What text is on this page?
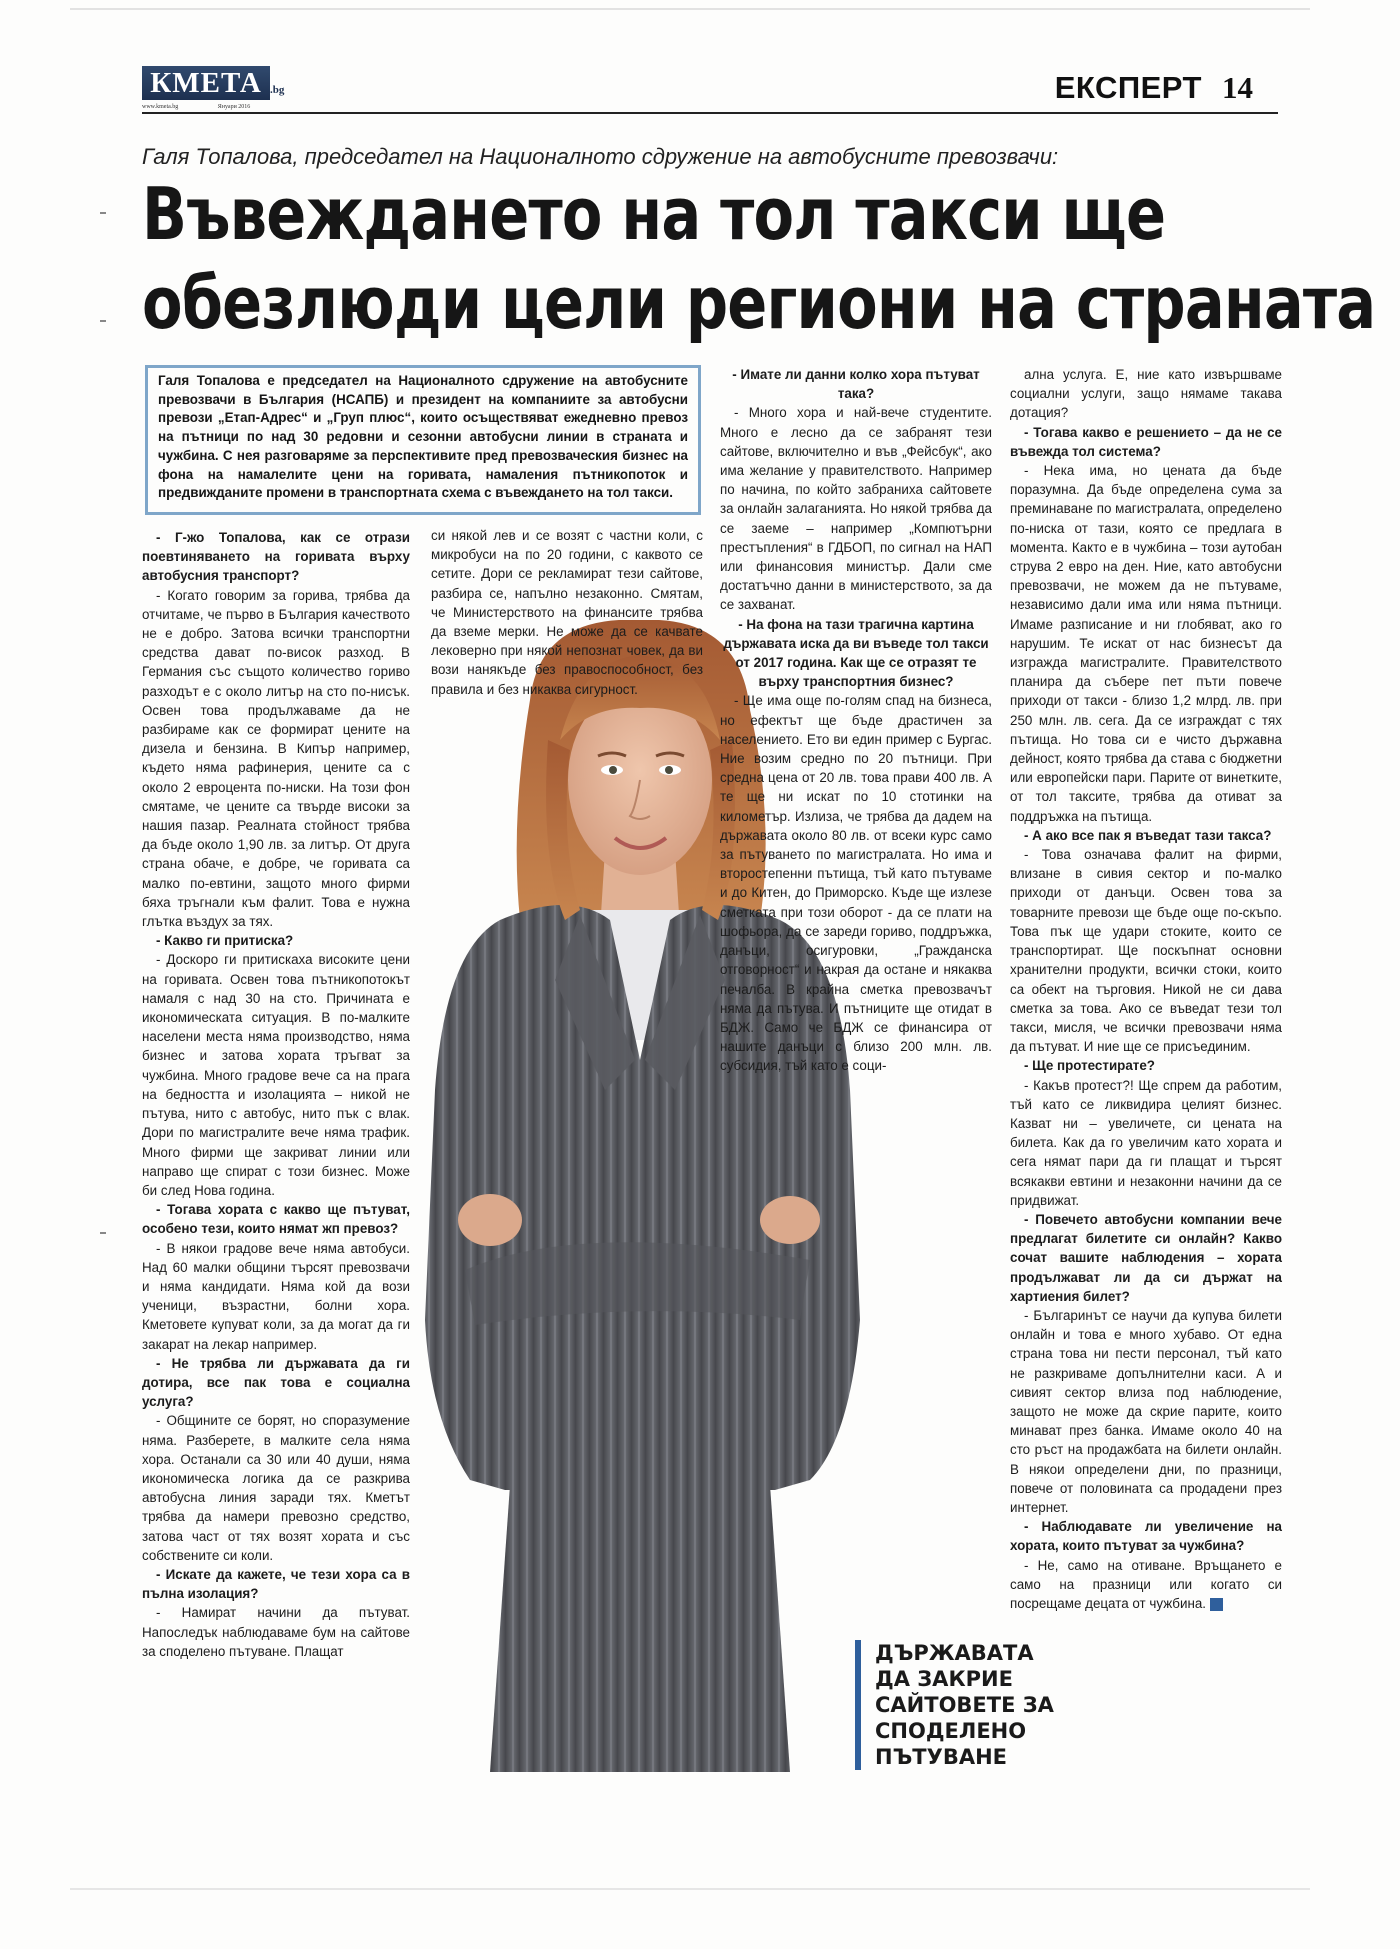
КМЕТА .bg
www.kmeta.bg	Януари 2016
ЕКСПЕРТ 14
Галя Топалова, председател на Националното сдружение на автобусните превозвачи:
Въвеждането на тол такси ще
обезлюди цели региони на страната
Галя Топалова е председател на Националното сдружение на автобусните превозвачи в България (НСАПБ) и президент на компаниите за автобусни превози „Етап-Адрес“ и „Груп плюс“, които осъществяват ежедневно превоз на пътници по над 30 редовни и сезонни автобусни линии в страната и чужбина. С нея разговаряме за перспективите пред превозваческия бизнес на фона на намалелите цени на горивата, намаления пътникопоток и предвижданите промени в транспортната схема с въвеждането на тол такси.

- Г-жо Топалова, как се отрази поевтиняването на горивата върху автобусния транспорт?

- Когато говорим за горива, трябва да отчитаме, че първо в България качеството не е добро. Затова всички транспортни средства дават по-висок разход. В Германия със същото количество гориво разходът е с около литър на сто по-нисък. Освен това продължаваме да не разбираме как се формират цените на дизела и бензина. В Кипър например, където няма рафинерия, цените са с около 2 евроцента по-ниски. На този фон смятаме, че цените са твърде високи за нашия пазар. Реалната стойност трябва да бъде около 1,90 лв. за литър. От друга страна обаче, е добре, че горивата са малко по-евтини, защото много фирми бяха тръгнали към фалит. Това е нужна глътка въздух за тях.

- Какво ги притиска?

- Доскоро ги притискаха високите цени на горивата. Освен това пътникопотокът намаля с над 30 на сто. Причината е икономическата ситуация. В по-малките населени места няма производство, няма бизнес и затова хората тръгват за чужбина. Много градове вече са на прага на бедността и изолацията – никой не пътува, нито с автобус, нито пък с влак. Дори по магистралите вече няма трафик. Много фирми ще закриват линии или направо ще спират с този бизнес. Може би след Нова година.

- Тогава хората с какво ще пътуват, особено тези, които нямат жп превоз?

- В някои градове вече няма автобуси. Над 60 малки общини търсят превозвачи и няма кандидати. Няма кой да вози ученици, възрастни, болни хора. Кметовете купуват коли, за да могат да ги закарат на лекар например.

- Не трябва ли държавата да ги дотира, все пак това е социална услуга?

- Общините се борят, но споразумение няма. Разберете, в малките села няма хора. Останали са 30 или 40 души, няма икономическа логика да се разкрива автобусна линия заради тях. Кметът трябва да намери превозно средство, затова част от тях возят хората и със собствените си коли.

- Искате да кажете, че тези хора са в пълна изолация?

- Намират начини да пътуват. Напоследък наблюдаваме бум на сайтове за споделено пътуване. Плащат

си някой лев и се возят с частни коли, с микробуси на по 20 години, с каквото се сетите. Дори се рекламират тези сайтове, разбира се, напълно незаконно. Смятам, че Министерството на финансите трябва да вземе мерки. Не може да се качвате лековерно при някой непознат човек, да ви вози нанякъде без правоспособност, без правила и без никаква сигурност.

- Имате ли данни колко хора пътуват така?

- Много хора и най-вече студентите. Много е лесно да се забранят тези сайтове, включително и във „Фейсбук“, ако има желание у правителството. Например по начина, по който забраниха сайтовете за онлайн залаганията. Но някой трябва да се заеме – например „Компютърни престъпления“ в ГДБОП, по сигнал на НАП или финансовия министър. Дали сме достатъчно данни в министерството, за да се захванат.

- На фона на тази трагична картина държавата иска да ви въведе тол такси от 2017 година. Как ще се отразят те върху транспортния бизнес?

- Ще има още по-голям спад на бизнеса, но ефектът ще бъде драстичен за населението. Ето ви един пример с Бургас. Ние возим средно по 20 пътници. При средна цена от 20 лв. това прави 400 лв. А те ще ни искат по 10 стотинки на километър. Излиза, че трябва да дадем на държавата около 80 лв. от всеки курс само за пътуването по магистралата. Но има и второстепенни пътища, тъй като пътуваме и до Китен, до Приморско. Къде ще излезе сметката при този оборот - да се плати на шофьора, да се зареди гориво, поддръжка, данъци, осигуровки, „Гражданска отговорност“ и накрая да остане и някаква печалба. В крайна сметка превозвачът няма да пътува. И пътниците ще отидат в БДЖ. Само че БДЖ се финансира от нашите данъци с близо 200 млн. лв. субсидия, тъй като е соци-

ална услуга. Е, ние като извършваме социални услуги, защо нямаме такава дотация?

- Тогава какво е решението – да не се въвежда тол система?

- Нека има, но цената да бъде поразумна. Да бъде определена сума за преминаване по магистралата, определено по-ниска от тази, която се предлага в момента. Както е в чужбина – този аутобан струва 2 евро на ден. Ние, като автобусни превозвачи, не можем да не пътуваме, независимо дали има или няма пътници. Имаме разписание и ни глобяват, ако го нарушим. Те искат от нас бизнесът да изгражда магистралите. Правителството планира да събере пет пъти повече приходи от такси - близо 1,2 млрд. лв. при 250 млн. лв. сега. Да се изграждат с тях пътища. Но това си е чисто държавна дейност, която трябва да става с бюджетни или европейски пари. Парите от винетките, от тол таксите, трябва да отиват за поддръжка на пътища.

- А ако все пак я въведат тази такса?

- Това означава фалит на фирми, влизане в сивия сектор и по-малко приходи от данъци. Освен това за товарните превози ще бъде още по-скъпо. Това пък ще удари стоките, които се транспортират. Ще поскъпнат основни хранителни продукти, всички стоки, които са обект на търговия. Никой не си дава сметка за това. Ако се въведат тези тол такси, мисля, че всички превозвачи няма да пътуват. И ние ще се присъединим.

- Ще протестирате?

- Какъв протест?! Ще спрем да работим, тъй като се ликвидира целият бизнес. Казват ни – увеличете, си цената на билета. Как да го увеличим като хората и сега нямат пари да ги плащат и търсят всякакви евтини и незаконни начини да се придвижат.

- Повечето автобусни компании вече предлагат билетите си онлайн? Какво сочат вашите наблюдения – хората продължават ли да си държат на хартиения билет?

- Българинът се научи да купува билети онлайн и това е много хубаво. От една страна това ни пести персонал, тъй като не разкриваме допълнителни каси. А и сивият сектор влиза под наблюдение, защото не може да скрие парите, които минават през банка. Имаме около 40 на сто ръст на продажбата на билети онлайн. В някои определени дни, по празници, повече от половината са продадени през интернет.

- Наблюдавате ли увеличение на хората, които пътуват за чужбина?

- Не, само на отиване. Връщането е само на празници или когато си посрещаме децата от чужбина. К

ДЪРЖАВАТА ДА ЗАКРИЕ САЙТОВЕТЕ ЗА СПОДЕЛЕНО ПЪТУВАНЕ
